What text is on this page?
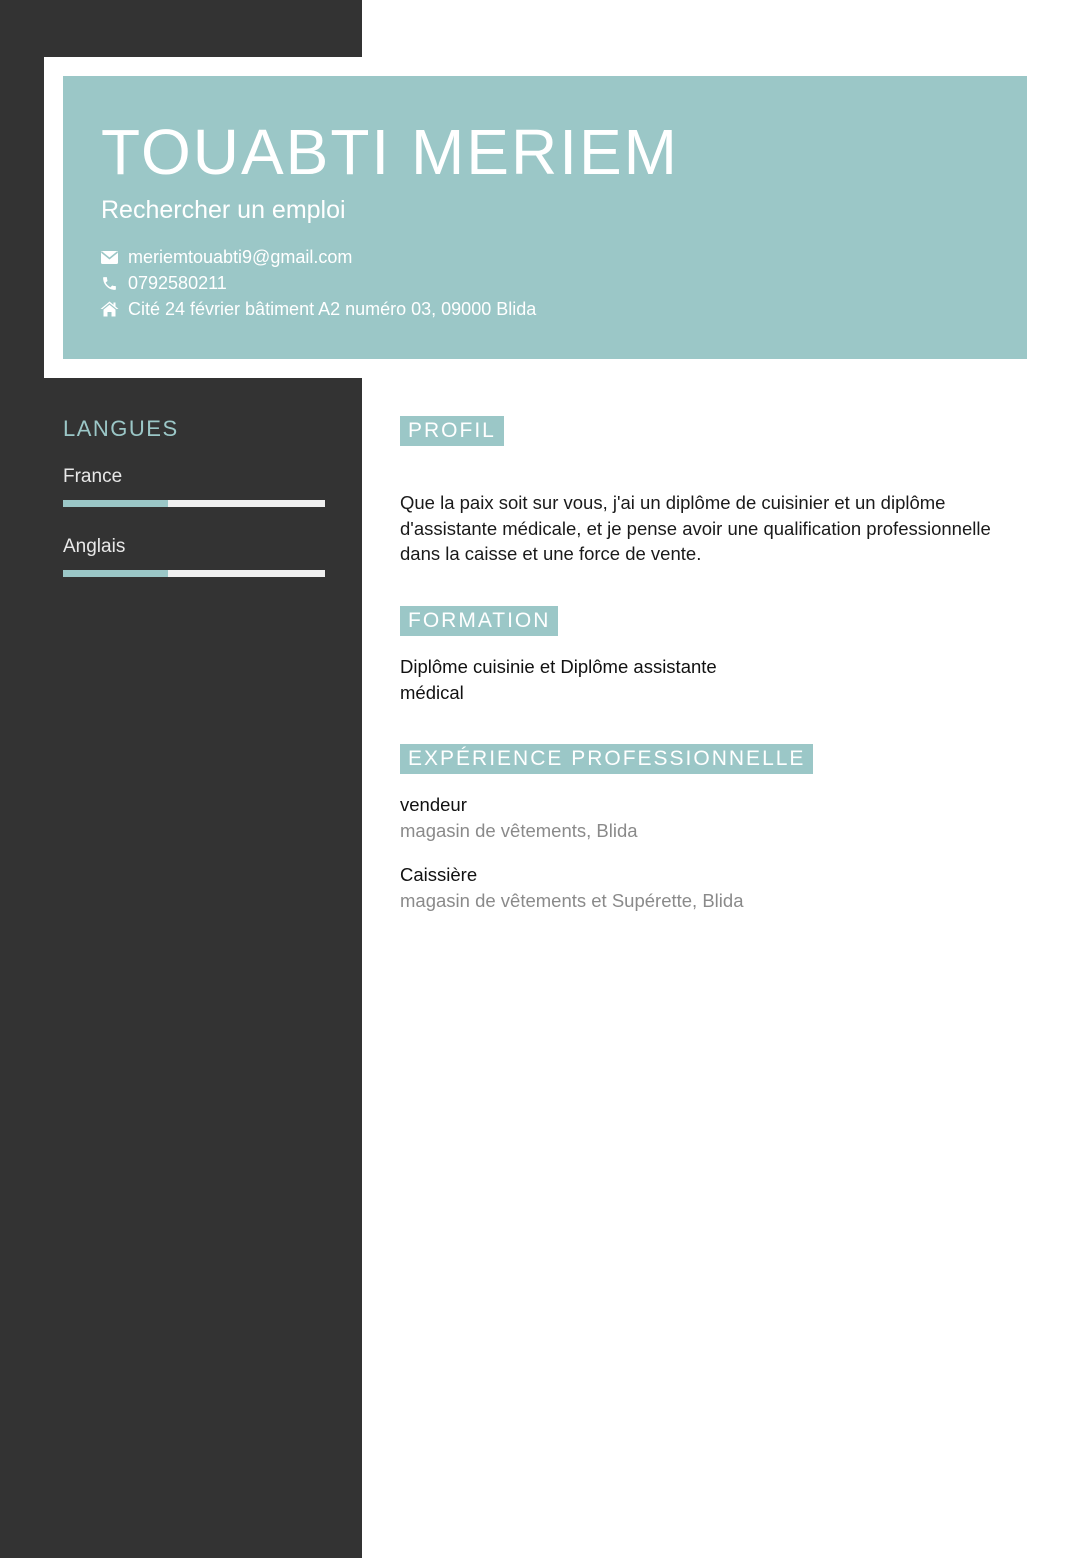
TOUABTI MERIEM
Rechercher un emploi
meriemtouabti9@gmail.com
0792580211
Cité 24 février bâtiment A2 numéro 03, 09000 Blida
LANGUES
France
Anglais
PROFIL
Que la paix soit sur vous, j'ai un diplôme de cuisinier et un diplôme d'assistante médicale, et je pense avoir une qualification professionnelle dans la caisse et une force de vente.
FORMATION
Diplôme cuisinie et Diplôme assistante médical
EXPÉRIENCE PROFESSIONNELLE
vendeur
magasin de vêtements, Blida
Caissière
magasin de vêtements et Supérette, Blida
